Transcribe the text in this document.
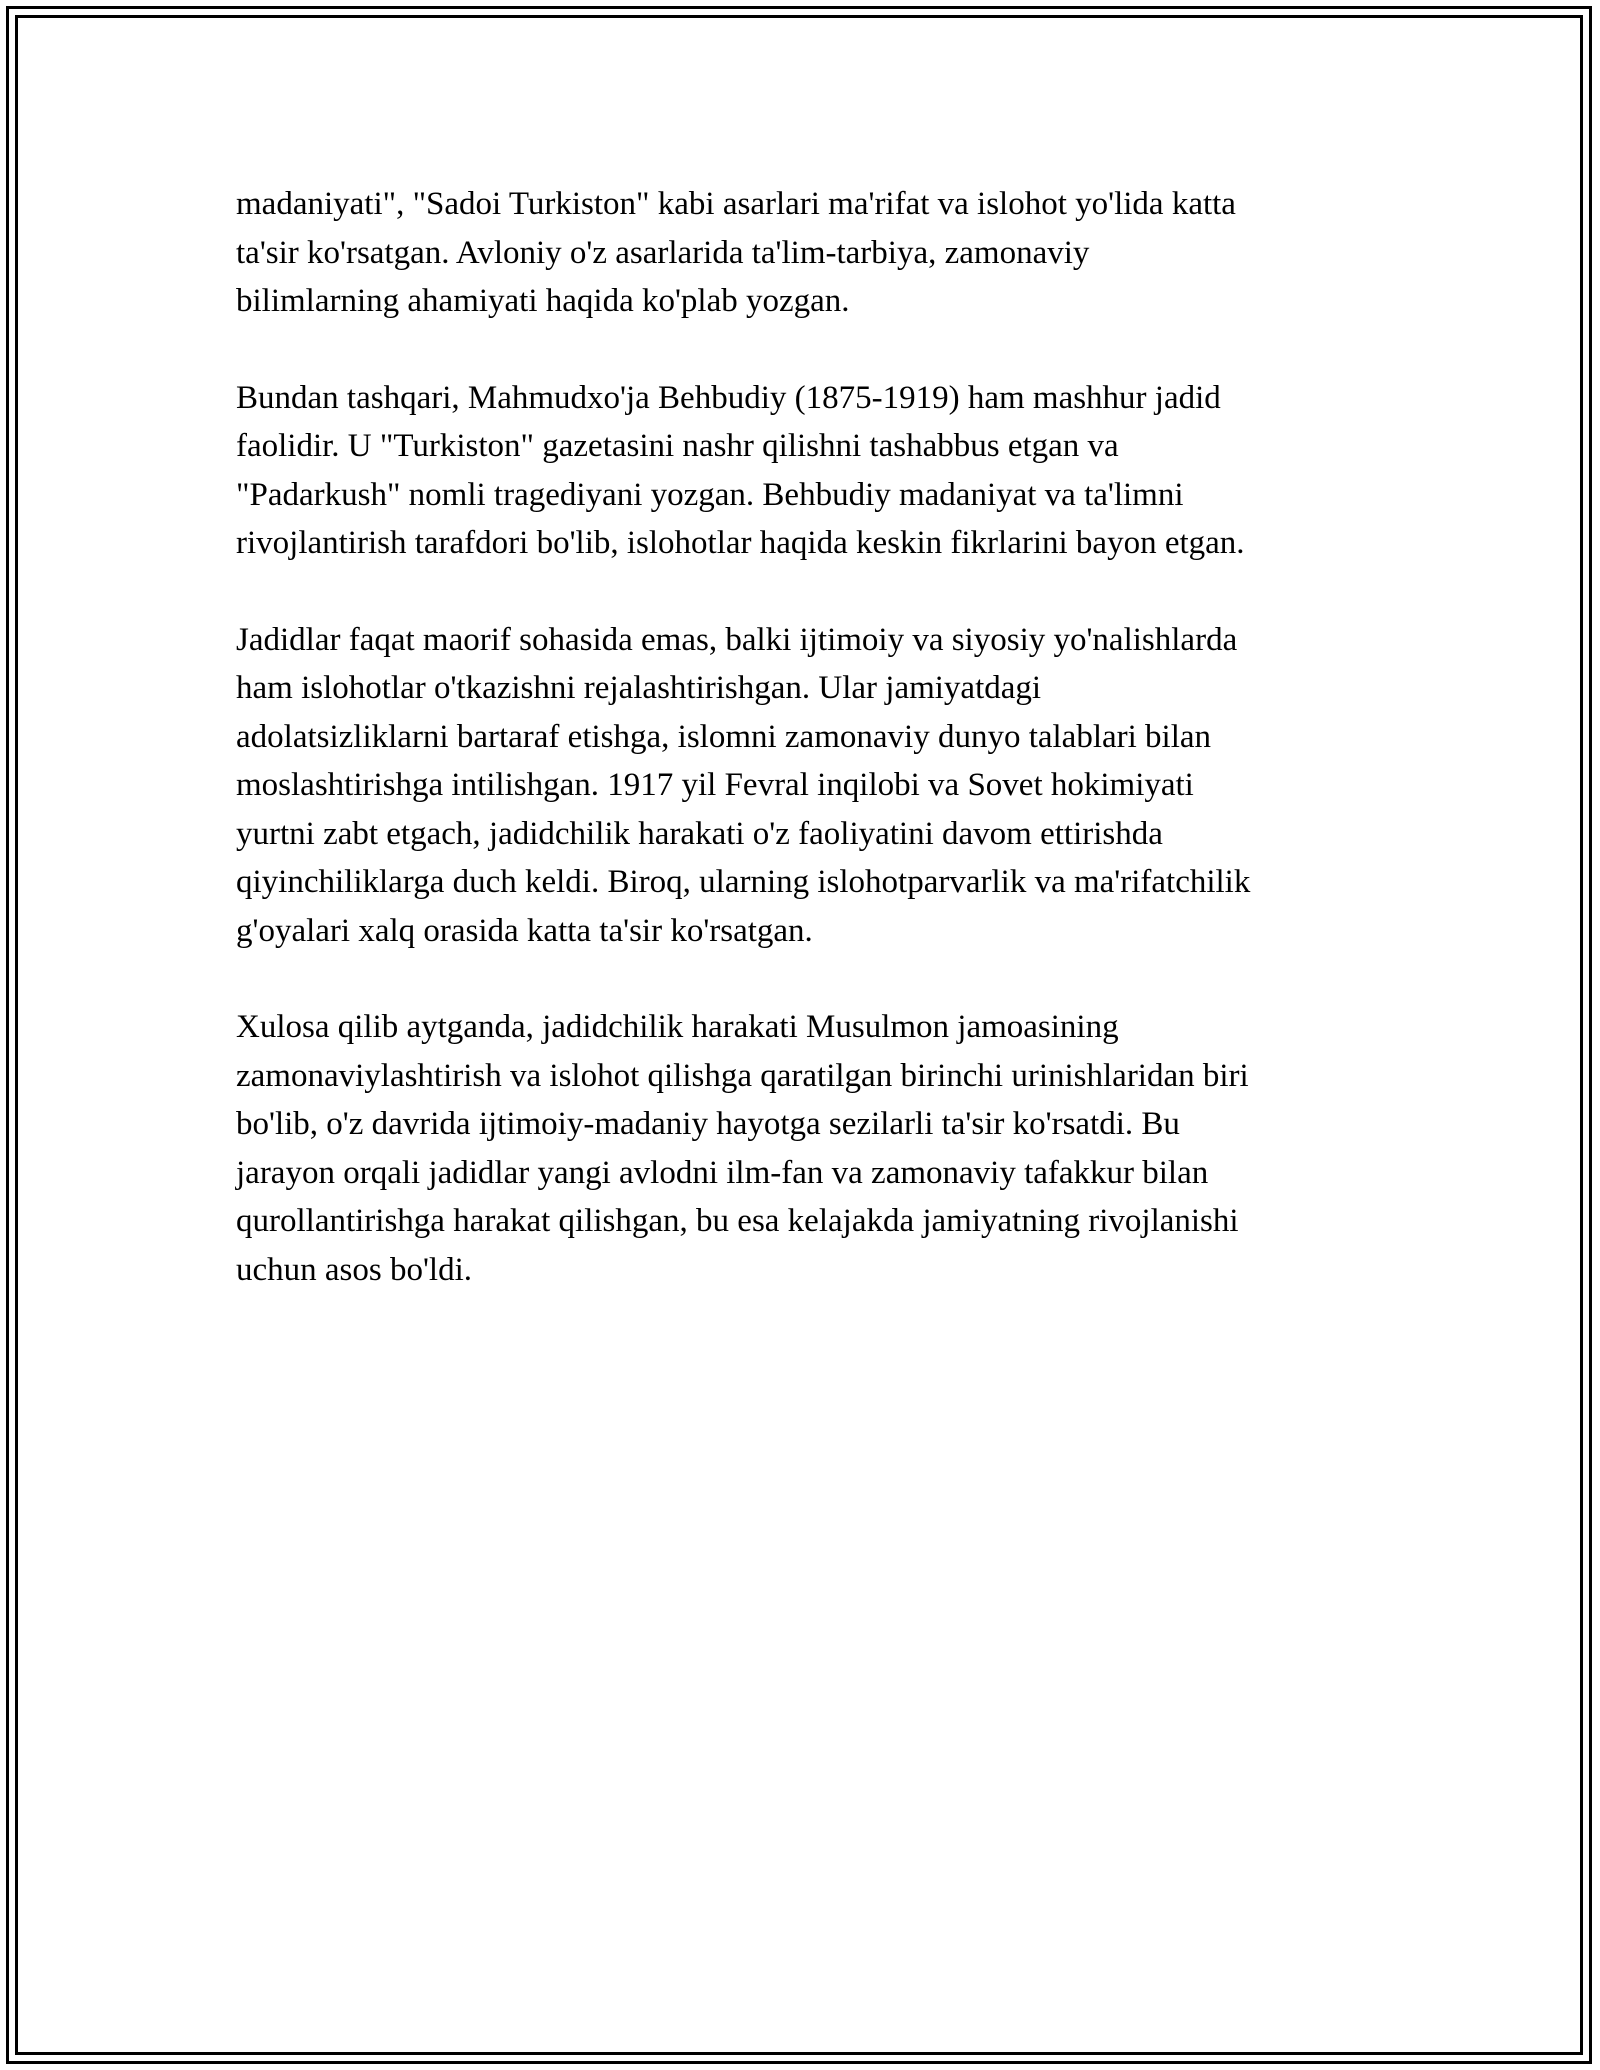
madaniyati", "Sadoi Turkiston" kabi asarlari ma'rifat va islohot yo'lida katta
ta'sir ko'rsatgan. Avloniy o'z asarlarida ta'lim-tarbiya, zamonaviy
bilimlarning ahamiyati haqida ko'plab yozgan.

Bundan tashqari, Mahmudxo'ja Behbudiy (1875-1919) ham mashhur jadid
faolidir. U "Turkiston" gazetasini nashr qilishni tashabbus etgan va
"Padarkush" nomli tragediyani yozgan. Behbudiy madaniyat va ta'limni
rivojlantirish tarafdori bo'lib, islohotlar haqida keskin fikrlarini bayon etgan.

Jadidlar faqat maorif sohasida emas, balki ijtimoiy va siyosiy yo'nalishlarda
ham islohotlar o'tkazishni rejalashtirishgan. Ular jamiyatdagi
adolatsizliklarni bartaraf etishga, islomni zamonaviy dunyo talablari bilan
moslashtirishga intilishgan. 1917 yil Fevral inqilobi va Sovet hokimiyati
yurtni zabt etgach, jadidchilik harakati o'z faoliyatini davom ettirishda
qiyinchiliklarga duch keldi. Biroq, ularning islohotparvarlik va ma'rifatchilik
g'oyalari xalq orasida katta ta'sir ko'rsatgan.

Xulosa qilib aytganda, jadidchilik harakati Musulmon jamoasining
zamonaviylashtirish va islohot qilishga qaratilgan birinchi urinishlaridan biri
bo'lib, o'z davrida ijtimoiy-madaniy hayotga sezilarli ta'sir ko'rsatdi. Bu
jarayon orqali jadidlar yangi avlodni ilm-fan va zamonaviy tafakkur bilan
qurollantirishga harakat qilishgan, bu esa kelajakda jamiyatning rivojlanishi
uchun asos bo'ldi.
